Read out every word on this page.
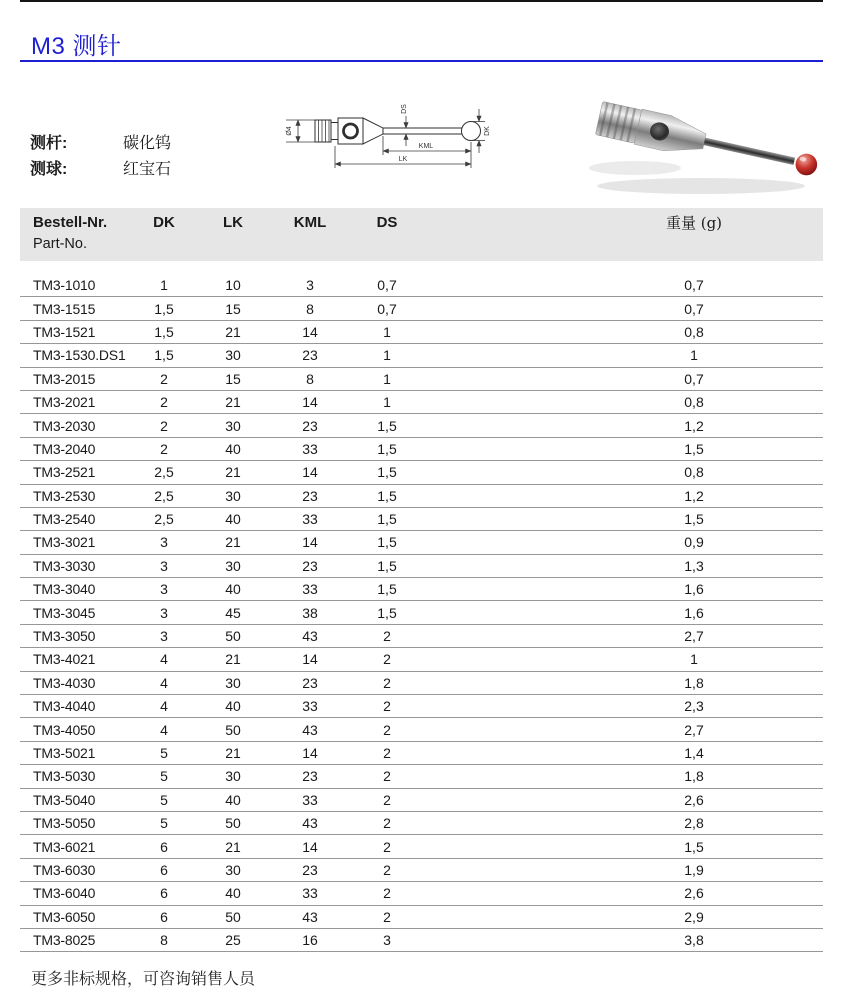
M3 测针
Ø4
DS
DK
KML
LK
测杆:	碳化钨
测球:	红宝石
Bestell-Nr.
Part-No.	DK	LK	KML	DS		重量 (g)

TM3-1010	1	10	3	0,7		0,7
TM3-1515	1,5	15	8	0,7		0,7
TM3-1521	1,5	21	14	1		0,8
TM3-1530.DS1	1,5	30	23	1		1
TM3-2015	2	15	8	1		0,7
TM3-2021	2	21	14	1		0,8
TM3-2030	2	30	23	1,5		1,2
TM3-2040	2	40	33	1,5		1,5
TM3-2521	2,5	21	14	1,5		0,8
TM3-2530	2,5	30	23	1,5		1,2
TM3-2540	2,5	40	33	1,5		1,5
TM3-3021	3	21	14	1,5		0,9
TM3-3030	3	30	23	1,5		1,3
TM3-3040	3	40	33	1,5		1,6
TM3-3045	3	45	38	1,5		1,6
TM3-3050	3	50	43	2		2,7
TM3-4021	4	21	14	2		1
TM3-4030	4	30	23	2		1,8
TM3-4040	4	40	33	2		2,3
TM3-4050	4	50	43	2		2,7
TM3-5021	5	21	14	2		1,4
TM3-5030	5	30	23	2		1,8
TM3-5040	5	40	33	2		2,6
TM3-5050	5	50	43	2		2,8
TM3-6021	6	21	14	2		1,5
TM3-6030	6	30	23	2		1,9
TM3-6040	6	40	33	2		2,6
TM3-6050	6	50	43	2		2,9
TM3-8025	8	25	16	3		3,8
更多非标规格，可咨询销售人员
